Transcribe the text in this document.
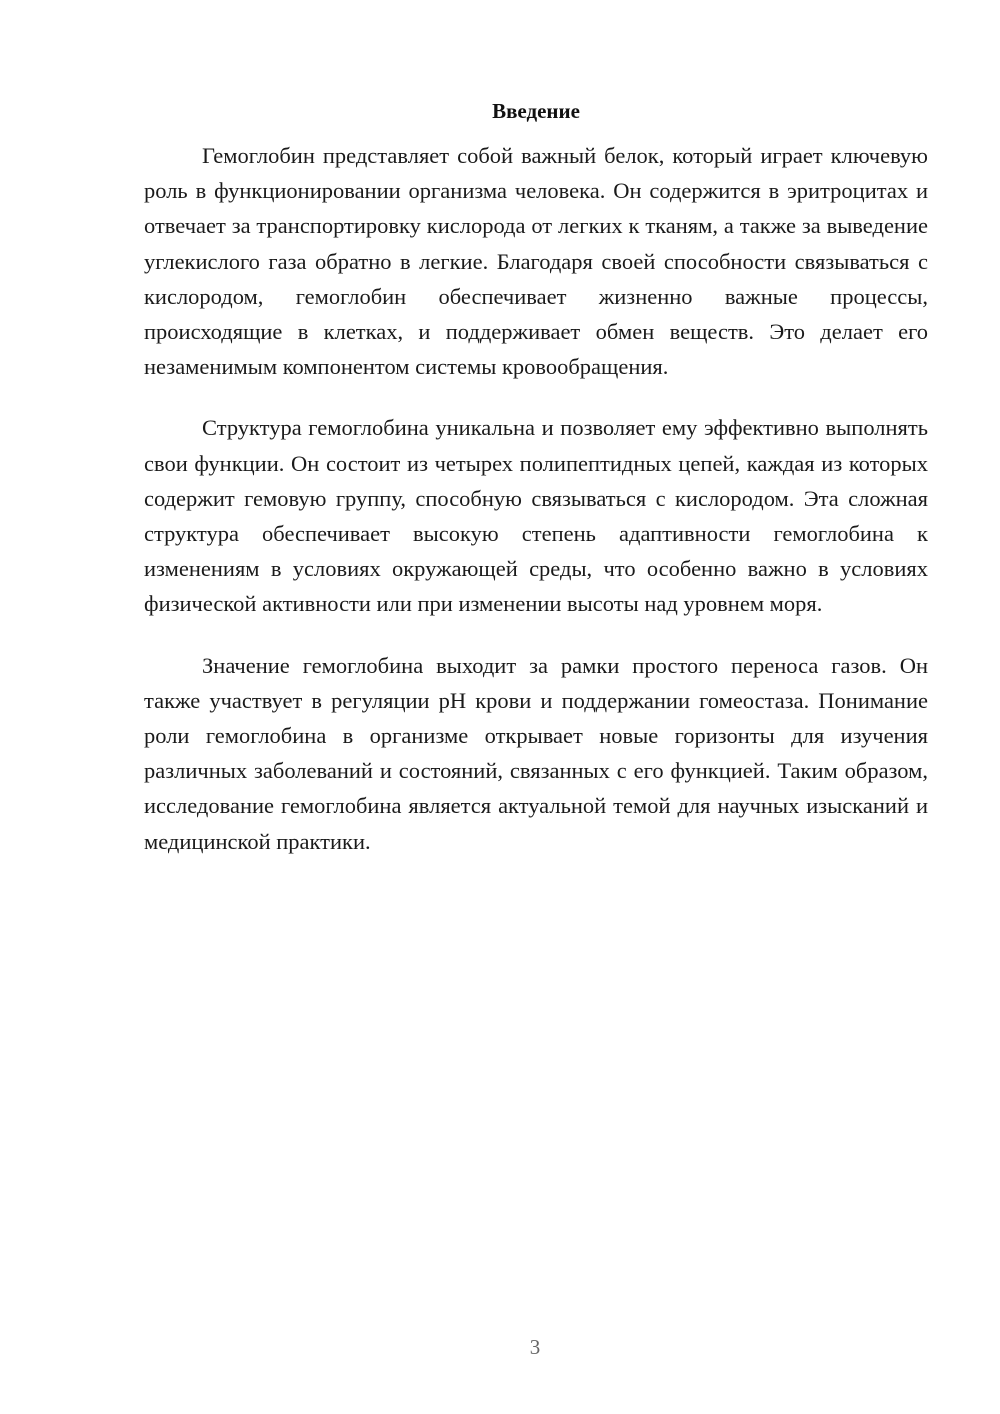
Введение

Гемоглобин представляет собой важный белок, который играет ключевую роль в функционировании организма человека. Он содержится в эритроцитах и отвечает за транспортировку кислорода от легких к тканям, а также за выведение углекислого газа обратно в легкие. Благодаря своей способности связываться с кислородом, гемоглобин обеспечивает жизненно важные процессы, происходящие в клетках, и поддерживает обмен веществ. Это делает его незаменимым компонентом системы кровообращения.

Структура гемоглобина уникальна и позволяет ему эффективно выполнять свои функции. Он состоит из четырех полипептидных цепей, каждая из которых содержит гемовую группу, способную связываться с кислородом. Эта сложная структура обеспечивает высокую степень адаптивности гемоглобина к изменениям в условиях окружающей среды, что особенно важно в условиях физической активности или при изменении высоты над уровнем моря.

Значение гемоглобина выходит за рамки простого переноса газов. Он также участвует в регуляции pH крови и поддержании гомеостаза. Понимание роли гемоглобина в организме открывает новые горизонты для изучения различных заболеваний и состояний, связанных с его функцией. Таким образом, исследование гемоглобина является актуальной темой для научных изысканий и медицинской практики.

3
